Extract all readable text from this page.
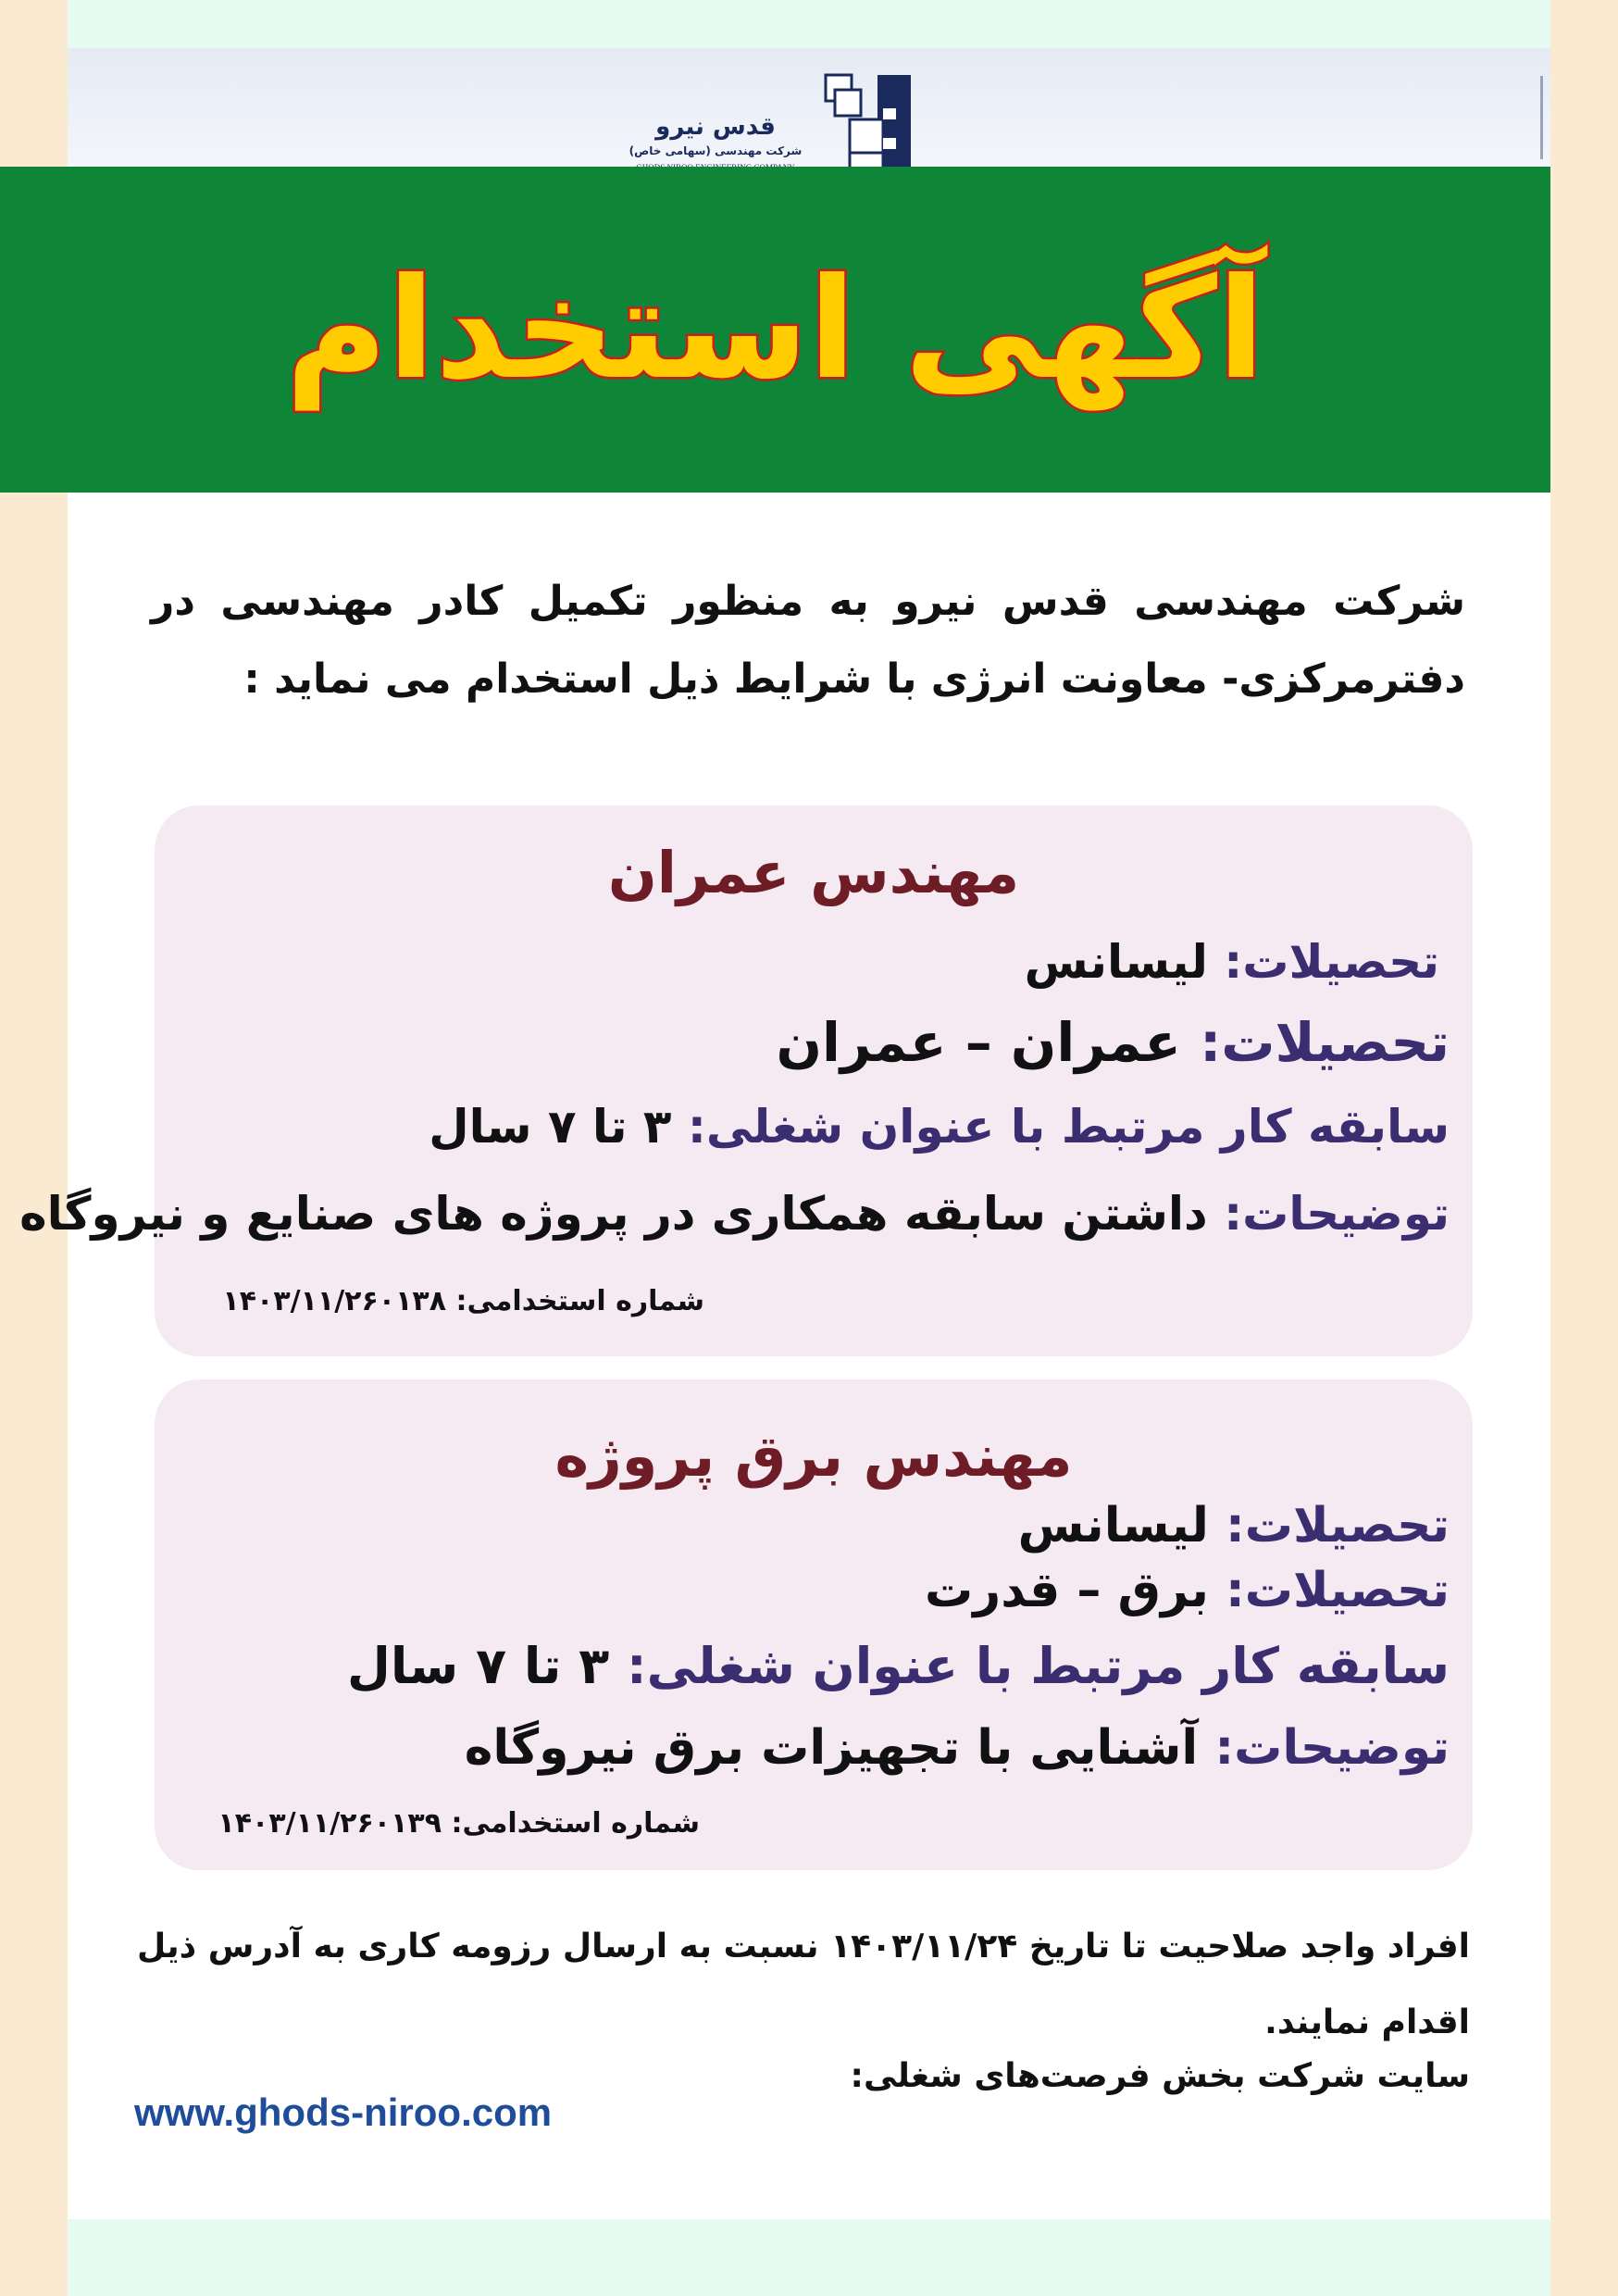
قدس نیرو
شرکت مهندسی (سهامی خاص)
آگهی استخدام
شرکت مهندسی قدس نیرو به منظور تکمیل کادر مهندسی در دفترمرکزی- معاونت انرژی با شرایط ذیل استخدام می نماید :
مهندس عمران
تحصیلات: لیسانس
تحصیلات: عمران – عمران
سابقه کار مرتبط با عنوان شغلی: ۳ تا ۷ سال
توضیحات: داشتن سابقه همکاری در پروژه های صنایع و نیروگاه
شماره استخدامی: ۱۴۰۳/۱۱/۲۶۰۱۳۸
مهندس برق پروژه
تحصیلات: لیسانس
تحصیلات: برق – قدرت
سابقه کار مرتبط با عنوان شغلی: ۳ تا ۷ سال
توضیحات: آشنایی با تجهیزات برق نیروگاه
شماره استخدامی: ۱۴۰۳/۱۱/۲۶۰۱۳۹
افراد واجد صلاحیت تا تاریخ ۱۴۰۳/۱۱/۲۴ نسبت به ارسال رزومه کاری به آدرس ذیل اقدام نمایند.
سایت شرکت بخش فرصت‌های شغلی:
www.ghods-niroo.com
